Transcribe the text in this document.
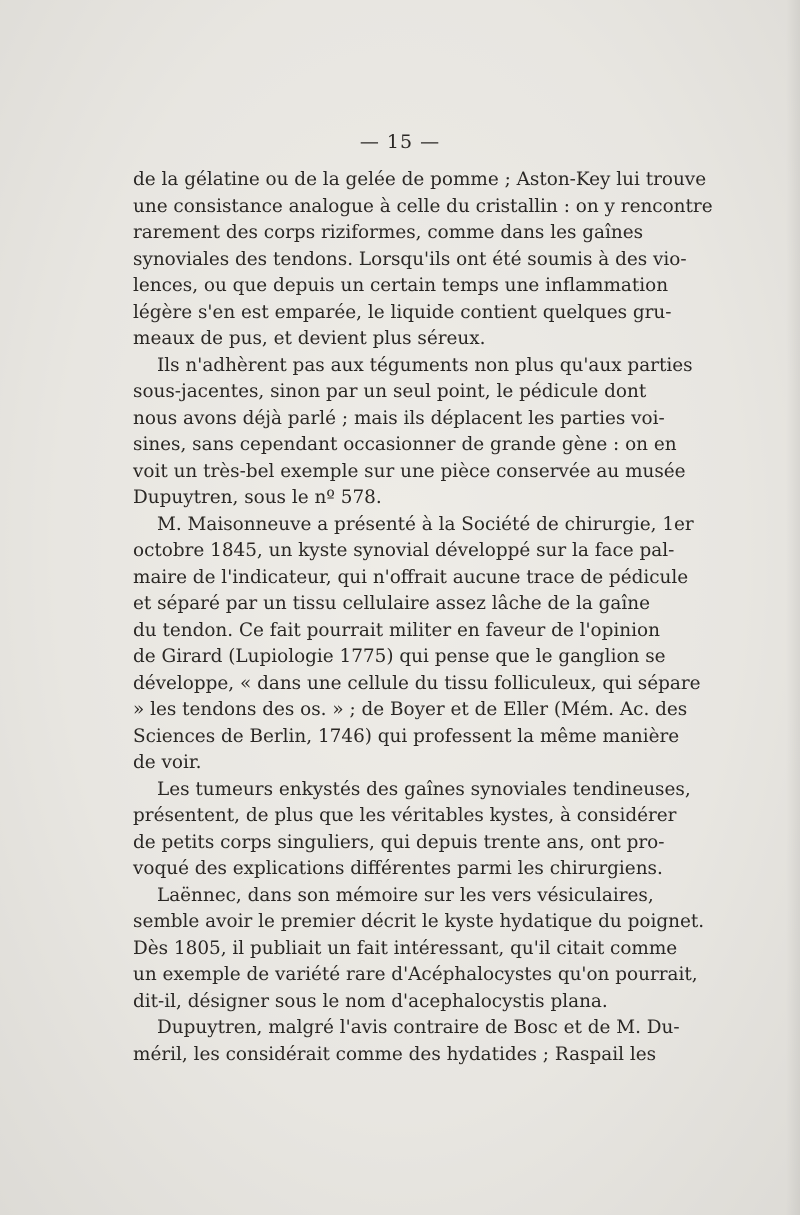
— 15 —
de la gélatine ou de la gelée de pomme ; Aston-Key lui trouve
une consistance analogue à celle du cristallin : on y rencontre
rarement des corps riziformes, comme dans les gaînes
synoviales des tendons. Lorsqu'ils ont été soumis à des vio-
lences, ou que depuis un certain temps une inflammation
légère s'en est emparée, le liquide contient quelques gru-
meaux de pus, et devient plus séreux.
Ils n'adhèrent pas aux téguments non plus qu'aux parties
sous-jacentes, sinon par un seul point, le pédicule dont
nous avons déjà parlé ; mais ils déplacent les parties voi-
sines, sans cependant occasionner de grande gène : on en
voit un très-bel exemple sur une pièce conservée au musée
Dupuytren, sous le nº 578.
M. Maisonneuve a présenté à la Société de chirurgie, 1er
octobre 1845, un kyste synovial développé sur la face pal-
maire de l'indicateur, qui n'offrait aucune trace de pédicule
et séparé par un tissu cellulaire assez lâche de la gaîne
du tendon. Ce fait pourrait militer en faveur de l'opinion
de Girard (Lupiologie 1775) qui pense que le ganglion se
développe, « dans une cellule du tissu folliculeux, qui sépare
» les tendons des os. » ; de Boyer et de Eller (Mém. Ac. des
Sciences de Berlin, 1746) qui professent la même manière
de voir.
Les tumeurs enkystés des gaînes synoviales tendineuses,
présentent, de plus que les véritables kystes, à considérer
de petits corps singuliers, qui depuis trente ans, ont pro-
voqué des explications différentes parmi les chirurgiens.
Laënnec, dans son mémoire sur les vers vésiculaires,
semble avoir le premier décrit le kyste hydatique du poignet.
Dès 1805, il publiait un fait intéressant, qu'il citait comme
un exemple de variété rare d'Acéphalocystes qu'on pourrait,
dit-il, désigner sous le nom d'acephalocystis plana.
Dupuytren, malgré l'avis contraire de Bosc et de M. Du-
méril, les considérait comme des hydatides ; Raspail les
